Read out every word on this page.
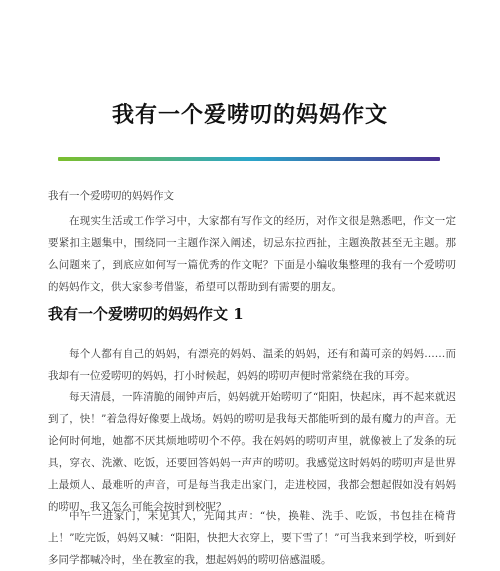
我有一个爱唠叨的妈妈作文

我有一个爱唠叨的妈妈作文

在现实生活或工作学习中，大家都有写作文的经历，对作文很是熟悉吧，作文一定要紧扣主题集中，围绕同一主题作深入阐述，切忌东拉西扯，主题涣散甚至无主题。那么问题来了，到底应如何写一篇优秀的作文呢？下面是小编收集整理的我有一个爱唠叨的妈妈作文，供大家参考借鉴，希望可以帮助到有需要的朋友。

我有一个爱唠叨的妈妈作文 1

每个人都有自己的妈妈，有漂亮的妈妈、温柔的妈妈，还有和蔼可亲的妈妈……而我却有一位爱唠叨的妈妈，打小时候起，妈妈的唠叨声便时常萦绕在我的耳旁。

每天清晨，一阵清脆的闹钟声后，妈妈就开始唠叨了“阳阳，快起床，再不起来就迟到了，快！”着急得好像要上战场。妈妈的唠叨是我每天都能听到的最有魔力的声音。无论何时何地，她都不厌其烦地唠叨个不停。我在妈妈的唠叨声里，就像被上了发条的玩具，穿衣、洗漱、吃饭，还要回答妈妈一声声的唠叨。我感觉这时妈妈的唠叨声是世界上最烦人、最难听的声音，可是每当我走出家门，走进校园，我都会想起假如没有妈妈的唠叨，我又怎么可能会按时到校呢？

中午一进家门，未见其人，先闻其声：“快，换鞋、洗手、吃饭，书包挂在椅背上！”吃完饭，妈妈又喊：“阳阳，快把大衣穿上，要下雪了！”可当我来到学校，听到好多同学都喊冷时，坐在教室的我，想起妈妈的唠叨倍感温暖。
